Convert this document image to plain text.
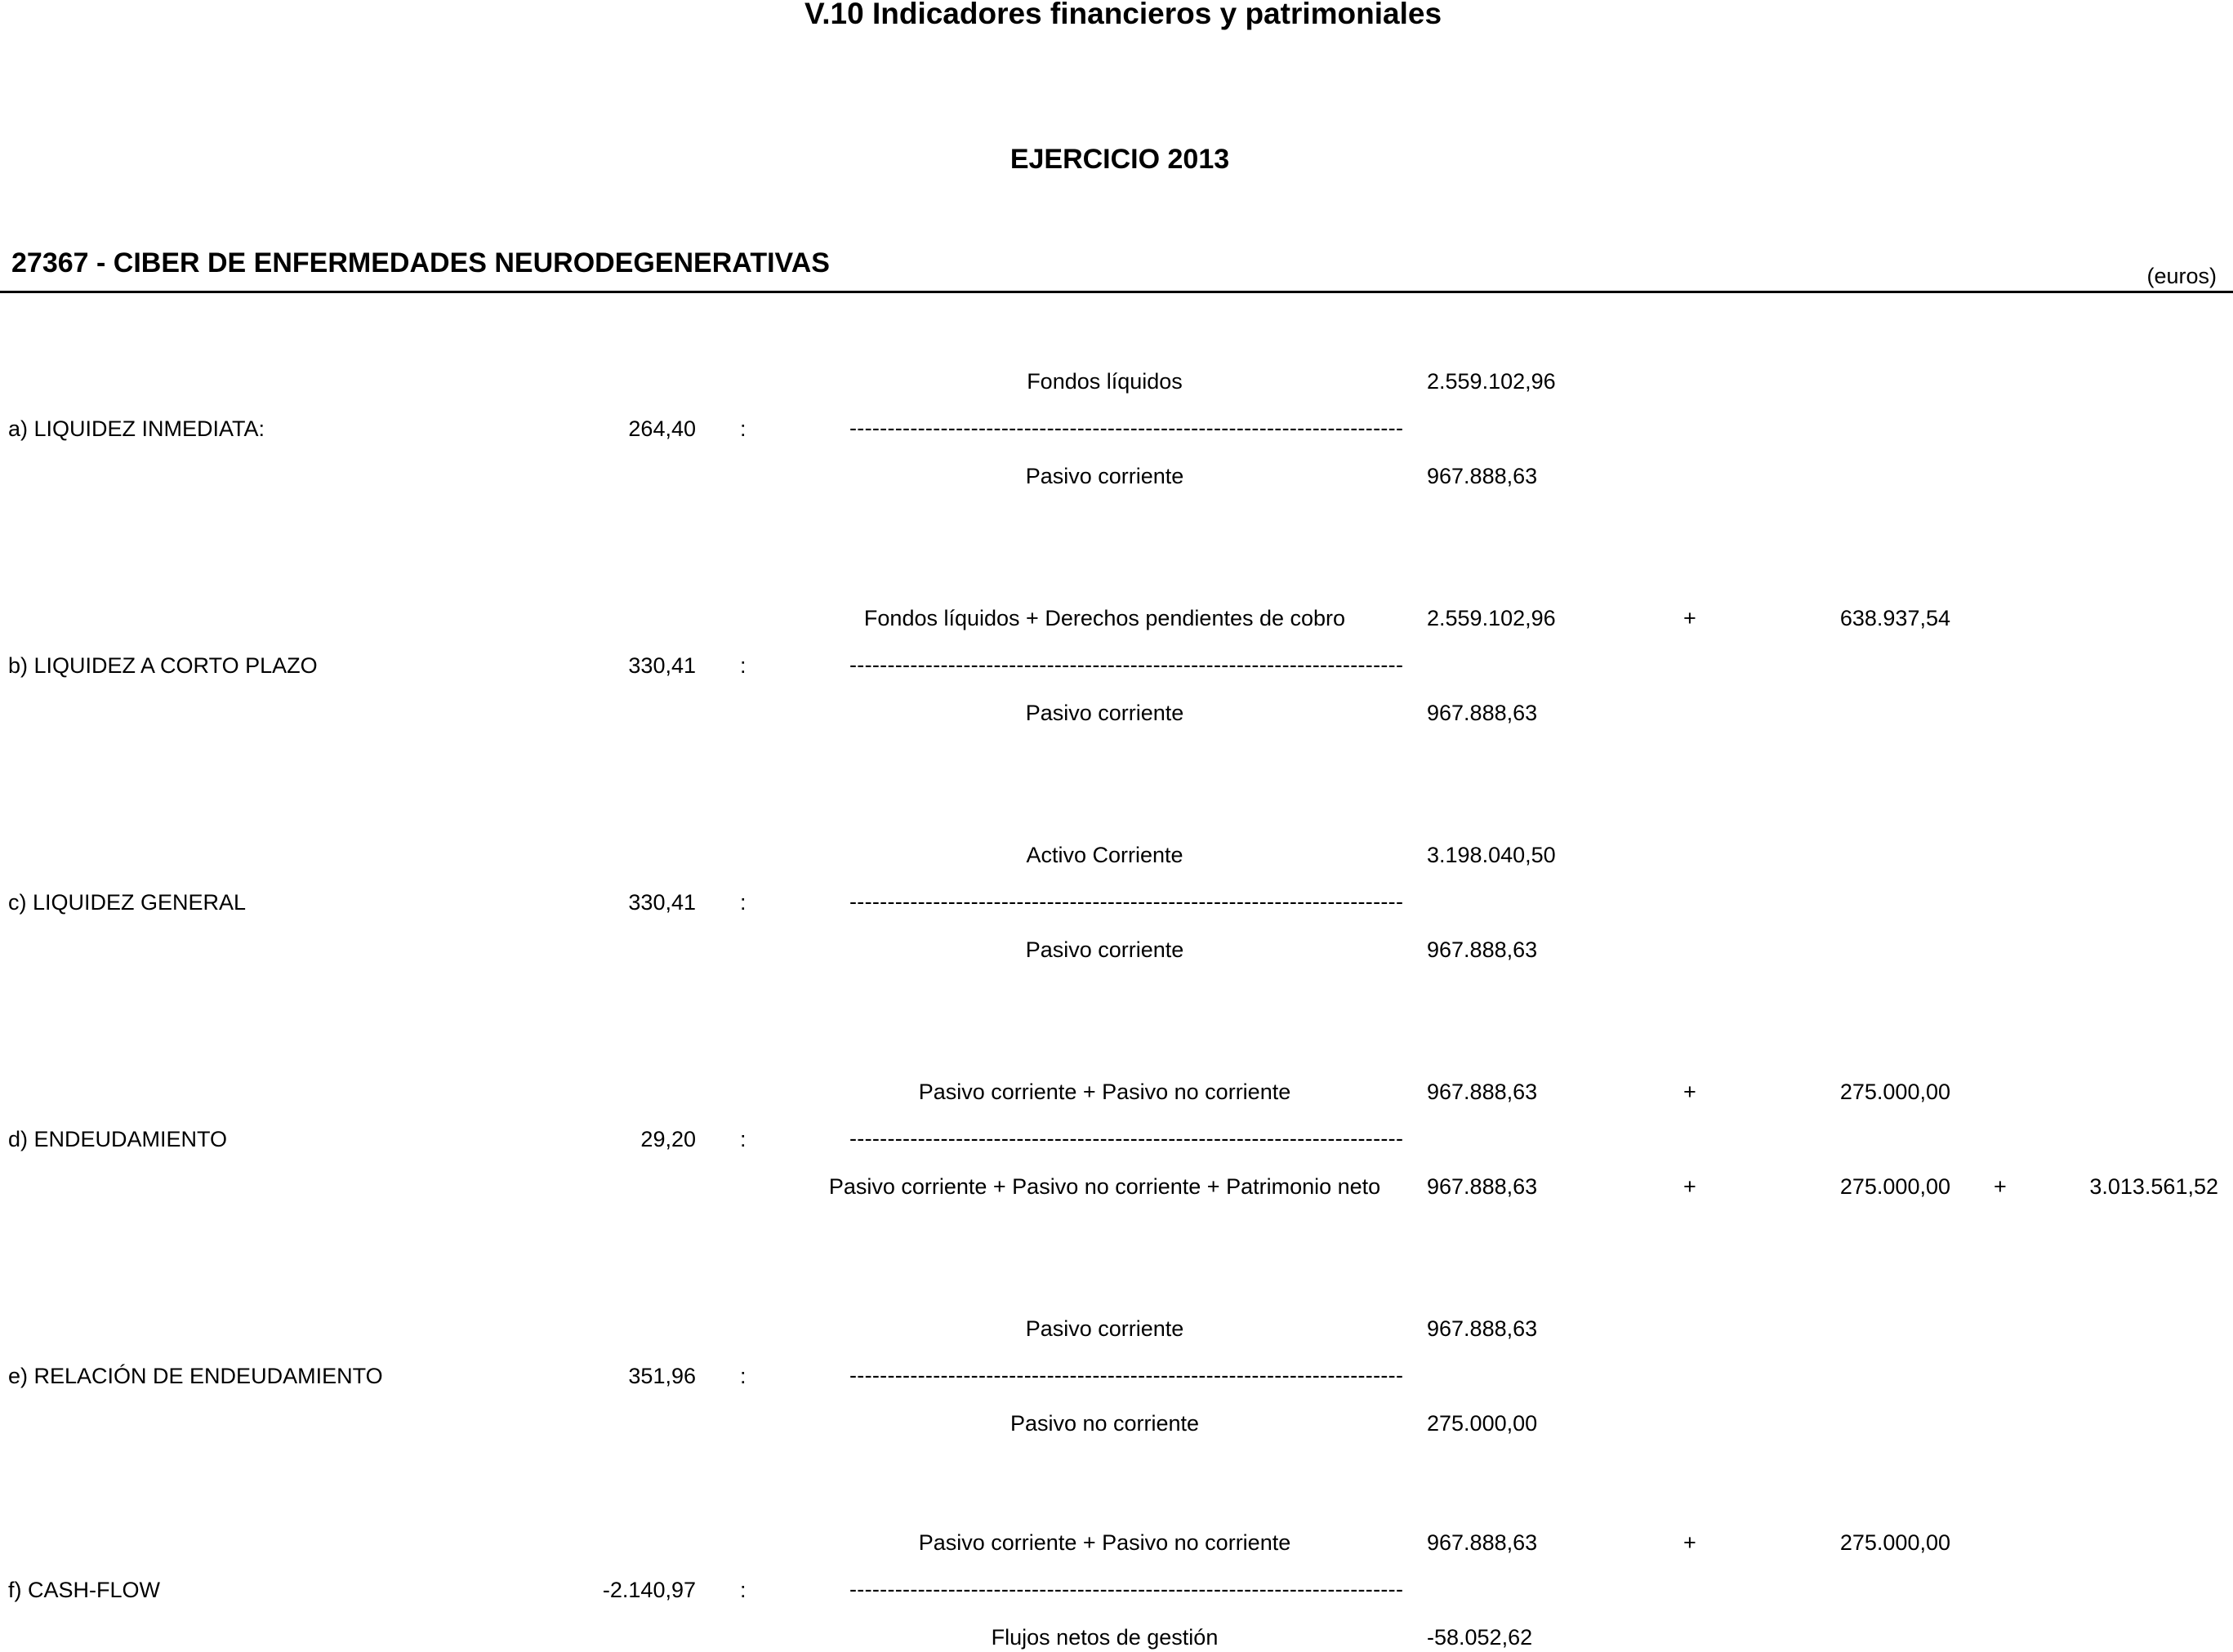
V.10 Indicadores financieros y patrimoniales
EJERCICIO 2013
27367 - CIBER DE ENFERMEDADES NEURODEGENERATIVAS	(euros)
Fondos líquidos	2.559.102,96
a) LIQUIDEZ INMEDIATA:	264,40 :	-------------------------------------------------------------------------
Pasivo corriente	967.888,63
Fondos líquidos + Derechos pendientes de cobro	2.559.102,96	+	638.937,54
b) LIQUIDEZ A CORTO PLAZO	330,41 :	-------------------------------------------------------------------------
Pasivo corriente	967.888,63
Activo Corriente	3.198.040,50
c) LIQUIDEZ GENERAL	330,41 :	-------------------------------------------------------------------------
Pasivo corriente	967.888,63
Pasivo corriente + Pasivo no corriente	967.888,63	+	275.000,00
d) ENDEUDAMIENTO	29,20 :	-------------------------------------------------------------------------
Pasivo corriente + Pasivo no corriente + Patrimonio neto	967.888,63	+	275.000,00 +	3.013.561,52
Pasivo corriente	967.888,63
e) RELACIÓN DE ENDEUDAMIENTO	351,96 :	-------------------------------------------------------------------------
Pasivo no corriente	275.000,00
Pasivo corriente + Pasivo no corriente	967.888,63	+	275.000,00
f) CASH-FLOW	-2.140,97 :	-------------------------------------------------------------------------
Flujos netos de gestión	-58.052,62
